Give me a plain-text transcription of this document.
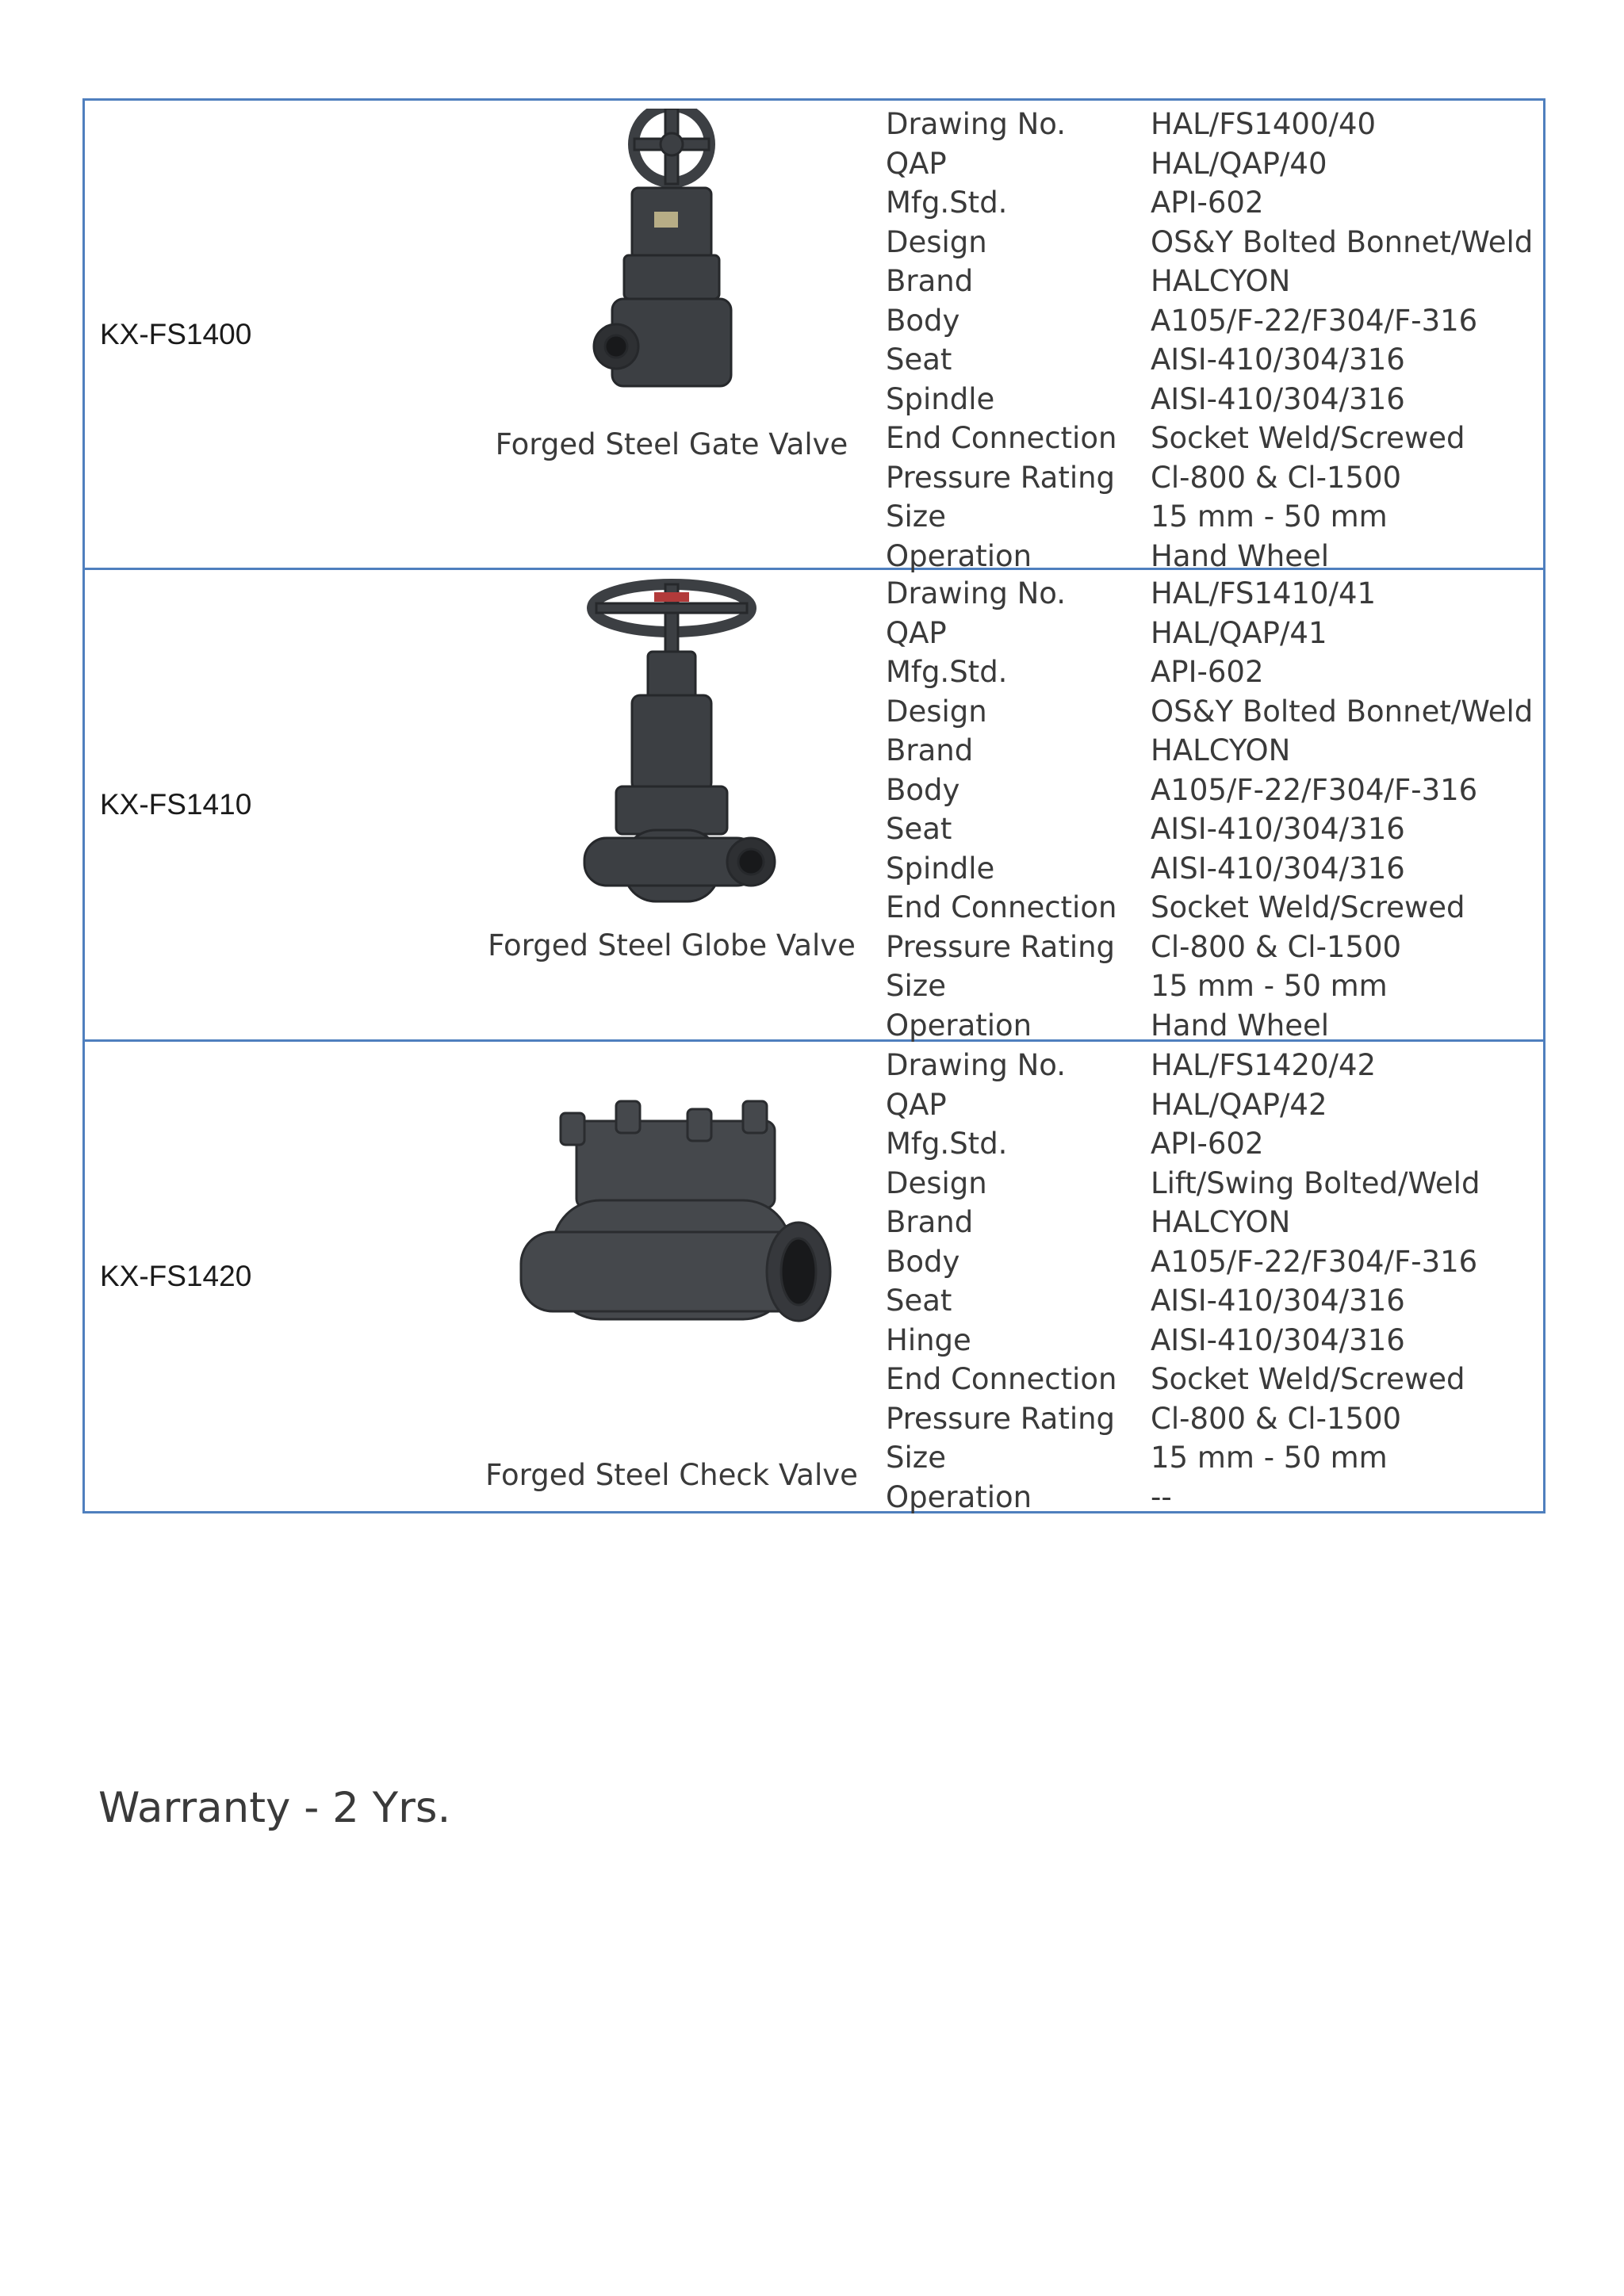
KX-FS1400
Forged Steel Gate Valve
Drawing No.	HAL/FS1400/40
QAP	HAL/QAP/40
Mfg.Std.	API-602
Design	OS&Y Bolted Bonnet/Weld
Brand	HALCYON
Body	A105/F-22/F304/F-316
Seat	AISI-410/304/316
Spindle	AISI-410/304/316
End Connection	Socket Weld/Screwed
Pressure Rating	Cl-800 & Cl-1500
Size	15 mm - 50 mm
Operation	Hand Wheel
KX-FS1410
Forged Steel Globe Valve
Drawing No.	HAL/FS1410/41
QAP	HAL/QAP/41
Mfg.Std.	API-602
Design	OS&Y Bolted Bonnet/Weld
Brand	HALCYON
Body	A105/F-22/F304/F-316
Seat	AISI-410/304/316
Spindle	AISI-410/304/316
End Connection	Socket Weld/Screwed
Pressure Rating	Cl-800 & Cl-1500
Size	15 mm - 50 mm
Operation	Hand Wheel
KX-FS1420
Forged Steel Check Valve
Drawing No.	HAL/FS1420/42
QAP	HAL/QAP/42
Mfg.Std.	API-602
Design	Lift/Swing Bolted/Weld
Brand	HALCYON
Body	A105/F-22/F304/F-316
Seat	AISI-410/304/316
Hinge	AISI-410/304/316
End Connection	Socket Weld/Screwed
Pressure Rating	Cl-800 & Cl-1500
Size	15 mm - 50 mm
Operation	--
Warranty - 2 Yrs.
